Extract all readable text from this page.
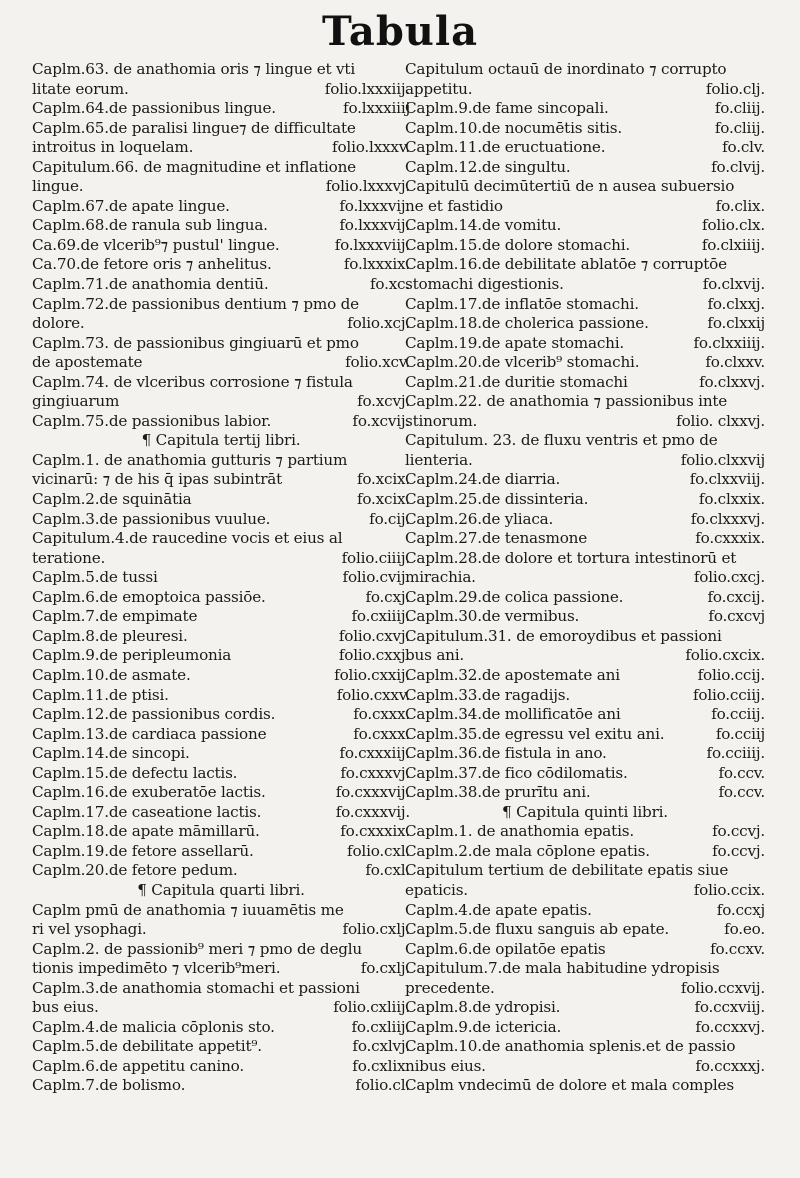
Tabula
Caplm.63. de anathomia oris ⁊ lingue et vti
litate eorum.	folio.lxxxiij.
Caplm.64.de passionibus lingue.	fo.lxxxiiij
Caplm.65.de paralisi lingue⁊ de difficultate
introitus in loquelam.	folio.lxxxv.
Capitulum.66. de magnitudine et inflatione
lingue.	folio.lxxxvj.
Caplm.67.de apate lingue.	fo.lxxxvij.
Caplm.68.de ranula sub lingua.	fo.lxxxvij.
Ca.69.de vlcerib⁹⁊ pustul' lingue.	fo.lxxxviij.
Ca.70.de fetore oris ⁊ anhelitus.	fo.lxxxix.
Caplm.71.de anathomia dentiū.	fo.xc.
Caplm.72.de passionibus dentium ⁊ pmo de
dolore.	folio.xcj.
Caplm.73. de passionibus gingiuarū et pmo
de apostemate	folio.xcv.
Caplm.74. de vlceribus corrosione ⁊ fistula
gingiuarum	fo.xcvj.
Caplm.75.de passionibus labior.	fo.xcvij.
¶ Capitula tertij libri.
Caplm.1. de anathomia gutturis ⁊ partium
vicinarū: ⁊ de his q̄ ipas subintrāt	fo.xcix.
Caplm.2.de squinātia	fo.xcix.
Caplm.3.de passionibus vuulue.	fo.cij.
Capitulum.4.de raucedine vocis et eius al
teratione.	folio.ciiij.
Caplm.5.de tussi	folio.cvij.
Caplm.6.de emoptoica passiōe.	fo.cxj.
Caplm.7.de empimate	fo.cxiiij.
Caplm.8.de pleuresi.	folio.cxvj.
Caplm.9.de peripleumonia	folio.cxxj.
Caplm.10.de asmate.	folio.cxxij.
Caplm.11.de ptisi.	folio.cxxv.
Caplm.12.de passionibus cordis.	fo.cxxx.
Caplm.13.de cardiaca passione	fo.cxxx.
Caplm.14.de sincopi.	fo.cxxxiij.
Caplm.15.de defectu lactis.	fo.cxxxvj.
Caplm.16.de exuberatōe lactis.	fo.cxxxvij.
Caplm.17.de caseatione lactis.	fo.cxxxvij.
Caplm.18.de apate māmillarū.	fo.cxxxix.
Caplm.19.de fetore assellarū.	folio.cxl.
Caplm.20.de fetore pedum.	fo.cxl.
¶ Capitula quarti libri.
Caplm pmū de anathomia ⁊ iuuamētis me
ri vel ysophagi.	folio.cxlj.
Caplm.2. de passionib⁹ meri ⁊ pmo de deglu
tionis impedimēto ⁊ vlcerib⁹meri.	fo.cxlj.
Caplm.3.de anathomia stomachi et passioni
bus eius.	folio.cxliij.
Caplm.4.de malicia cōplonis sto.	fo.cxliij.
Caplm.5.de debilitate appetit⁹.	fo.cxlvj.
Caplm.6.de appetitu canino.	fo.cxlix.
Caplm.7.de bolismo.	folio.cl.
Capitulum octauū de inordinato ⁊ corrupto
appetitu.	folio.clj.
Caplm.9.de fame sincopali.	fo.cliij.
Caplm.10.de nocumētis sitis.	fo.cliij.
Caplm.11.de eructuatione.	fo.clv.
Caplm.12.de singultu.	fo.clvij.
Capitulū decimūtertiū de n ausea subuersio
ne et fastidio	fo.clix.
Caplm.14.de vomitu.	folio.clx.
Caplm.15.de dolore stomachi.	fo.clxiiij.
Caplm.16.de debilitate ablatōe ⁊ corruptōe
stomachi digestionis.	fo.clxvij.
Caplm.17.de inflatōe stomachi.	fo.clxxj.
Caplm.18.de cholerica passione.	fo.clxxij
Caplm.19.de apate stomachi.	fo.clxxiiij.
Caplm.20.de vlcerib⁹ stomachi.	fo.clxxv.
Caplm.21.de duritie stomachi	fo.clxxvj.
Caplm.22. de anathomia ⁊ passionibus inte
stinorum.	folio. clxxvj.
Capitulum. 23. de fluxu ventris et pmo de
lienteria.	folio.clxxvij
Caplm.24.de diarria.	fo.clxxviij.
Caplm.25.de dissinteria.	fo.clxxix.
Caplm.26.de yliaca.	fo.clxxxvj.
Caplm.27.de tenasmone	fo.cxxxix.
Caplm.28.de dolore et tortura intestinorū et
mirachia.	folio.cxcj.
Caplm.29.de colica passione.	fo.cxcij.
Caplm.30.de vermibus.	fo.cxcvj
Capitulum.31. de emoroydibus et passioni
bus ani.	folio.cxcix.
Caplm.32.de apostemate ani	folio.ccij.
Caplm.33.de ragadijs.	folio.cciij.
Caplm.34.de mollificatōe ani	fo.cciij.
Caplm.35.de egressu vel exitu ani.	fo.cciij
Caplm.36.de fistula in ano.	fo.cciiij.
Caplm.37.de fico cōdilomatis.	fo.ccv.
Caplm.38.de prurītu ani.	fo.ccv.
¶ Capitula quinti libri.
Caplm.1. de anathomia epatis.	fo.ccvj.
Caplm.2.de mala cōplone epatis.	fo.ccvj.
Capitulum tertium de debilitate epatis siue
epaticis.	folio.ccix.
Caplm.4.de apate epatis.	fo.ccxj
Caplm.5.de fluxu sanguis ab epate.	fo.eo.
Caplm.6.de opilatōe epatis	fo.ccxv.
Capitulum.7.de mala habitudine ydropisis
precedente.	folio.ccxvij.
Caplm.8.de ydropisi.	fo.ccxviij.
Caplm.9.de ictericia.	fo.ccxxvj.
Caplm.10.de anathomia splenis.et de passio
nibus eius.	fo.ccxxxj.
Caplm vndecimū de dolore et mala comples
